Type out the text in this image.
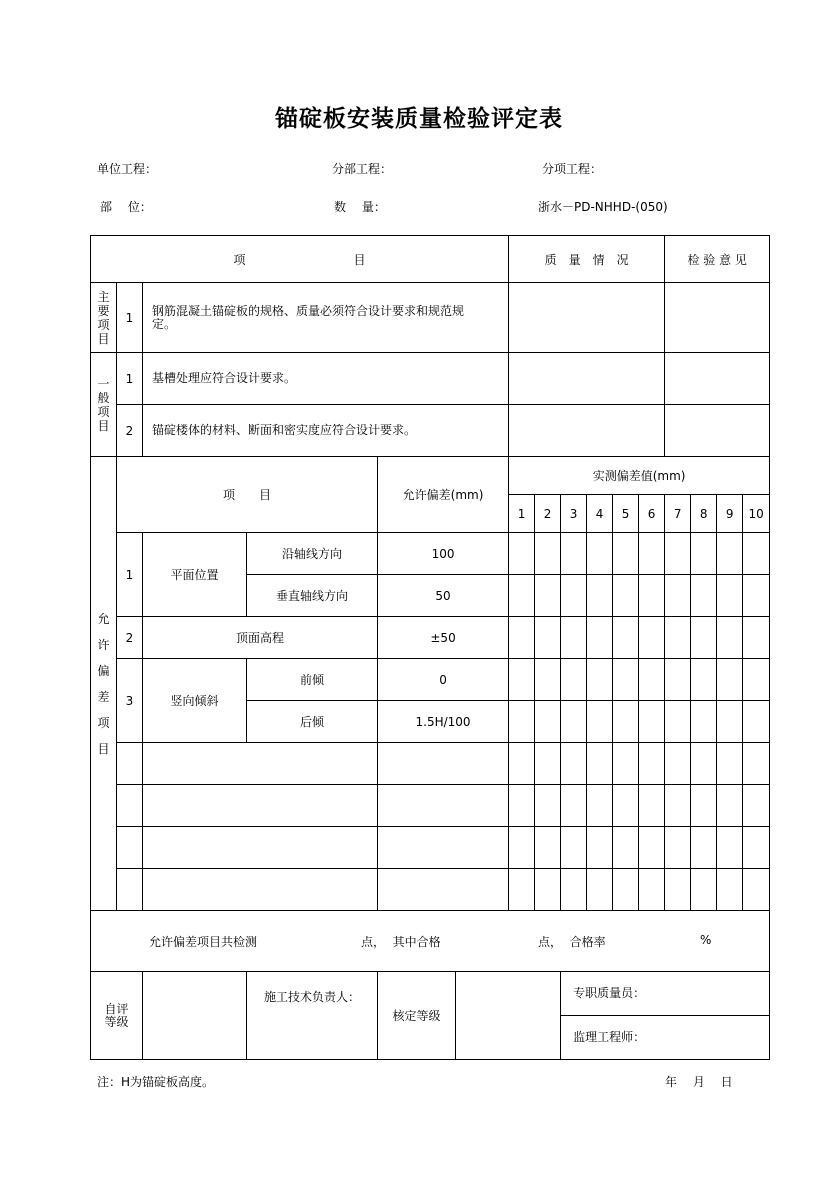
锚碇板安装质量检验评定表
单位工程：	分部工程：	分项工程：
部　 位：	数　 量：	浙水－PD-NHHD-(050)
项　　　　　　　　　目						质　量　情　况						检 验 意 见			

主要项目	1	钢筋混凝土锚碇板的规格、质量必须符合设计要求和规范规定。													

一般项目	1	基槽处理应符合设计要求。													
	2	锚碇楼体的材料、断面和密实度应符合设计要求。													

允许偏差项目	项　　目			允许偏差(mm)		实测偏差值(mm)									
						1	2	3	4	5	6	7	8	9	10
	1	平面位置	沿轴线方向	100											
			垂直轴线方向	50											
	2	顶面高程		±50											
	3	竖向倾斜	前倾	0											
			后倾	1.5H/100											

允许偏差项目共检测 点，  其中合格 点，  合格率 %															

自评等级			施工技术负责人：	核定等级				专职质量员：							
								监理工程师：							
注：H为锚碇板高度。	年　 月　 日
